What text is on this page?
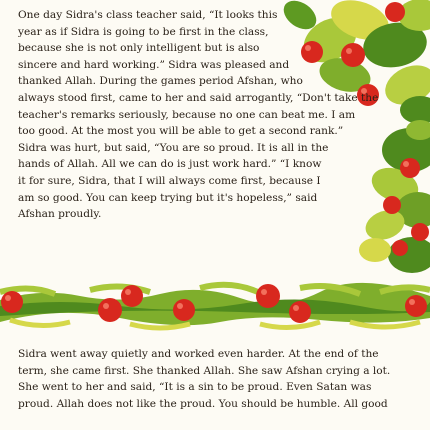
One day Sidra's class teacher said, “It looks this
year as if Sidra is going to be first in the class,
because she is not only intelligent but is also
sincere and hard working.” Sidra was pleased and
thanked Allah. During the games period Afshan, who
always stood first, came to her and said arrogantly, “Don't take the
teacher's remarks seriously, because no one can beat me. I am
too good. At the most you will be able to get a second rank.”
Sidra was hurt, but said, “You are so proud. It is all in the
hands of Allah. All we can do is just work hard.” “I know
it for sure, Sidra, that I will always come first, because I
am so good. You can keep trying but it's hopeless,” said
Afshan proudly.
Sidra went away quietly and worked even harder. At the end of the
term, she came first. She thanked Allah. She saw Afshan crying a lot.
She went to her and said, “It is a sin to be proud. Even Satan was
proud. Allah does not like the proud. You should be humble. All good
